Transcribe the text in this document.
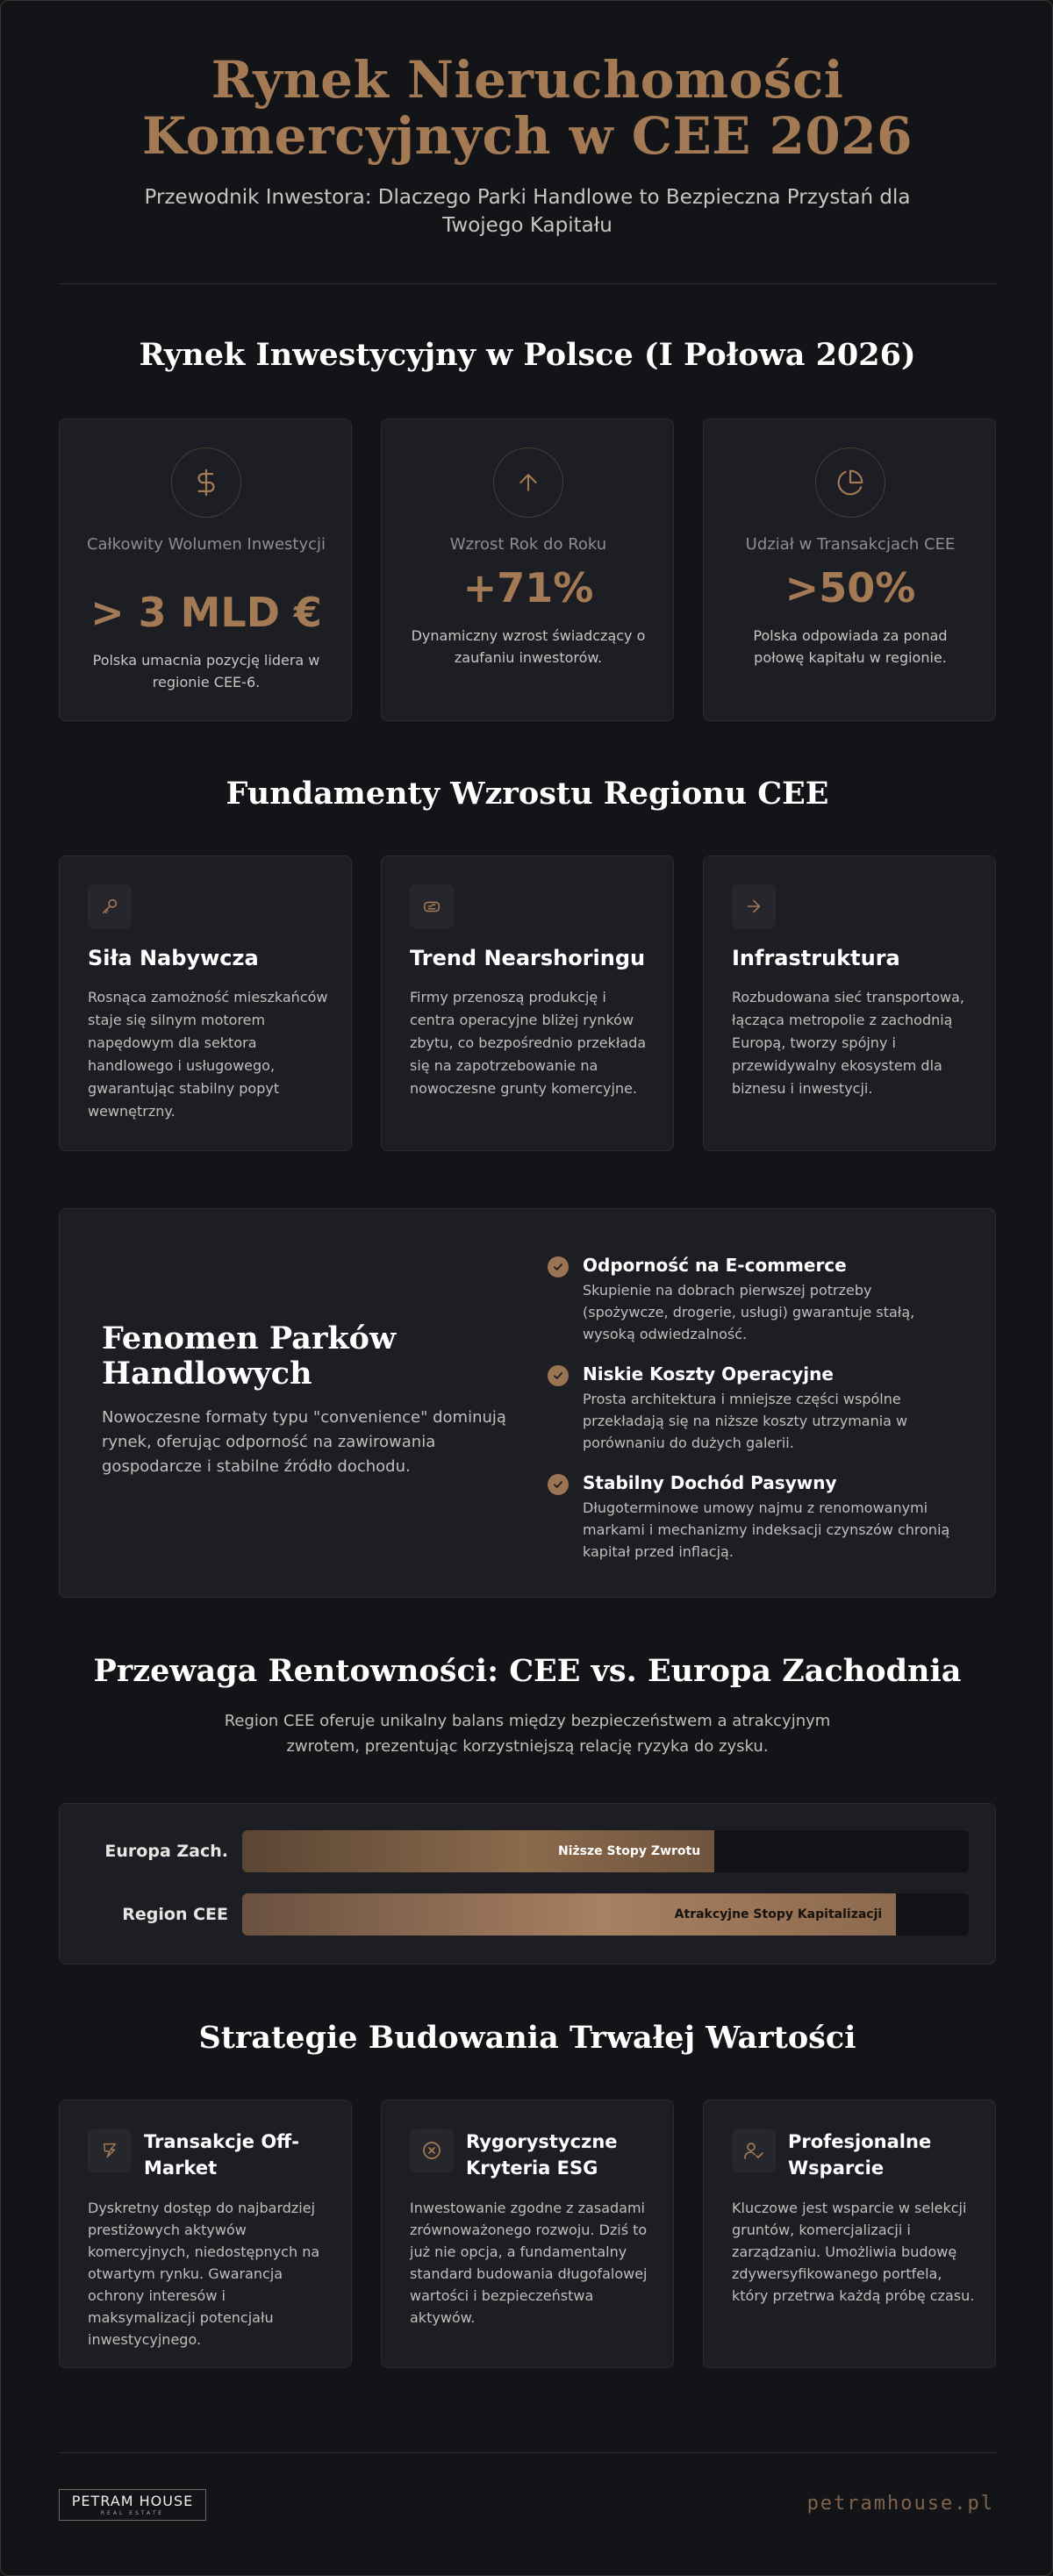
Rynek Nieruchomości
Komercyjnych w CEE 2026

Przewodnik Inwestora: Dlaczego Parki Handlowe to Bezpieczna Przystań dla Twojego Kapitału

Rynek Inwestycyjny w Polsce (I Połowa 2026)
Całkowity Wolumen Inwestycji
> 3 MLD €
Polska umacnia pozycję lidera w regionie CEE-6.
Wzrost Rok do Roku
+71%
Dynamiczny wzrost świadczący o zaufaniu inwestorów.
Udział w Transakcjach CEE
>50%
Polska odpowiada za ponad połowę kapitału w regionie.
Fundamenty Wzrostu Regionu CEE
Siła Nabywcza
Rosnąca zamożność mieszkańców staje się silnym motorem napędowym dla sektora handlowego i usługowego, gwarantując stabilny popyt wewnętrzny.
Trend Nearshoringu
Firmy przenoszą produkcję i centra operacyjne bliżej rynków zbytu, co bezpośrednio przekłada się na zapotrzebowanie na nowoczesne grunty komercyjne.
Infrastruktura
Rozbudowana sieć transportowa, łącząca metropolie z zachodnią Europą, tworzy spójny i przewidywalny ekosystem dla biznesu i inwestycji.
Fenomen Parków Handlowych
Nowoczesne formaty typu "convenience" dominują rynek, oferując odporność na zawirowania gospodarcze i stabilne źródło dochodu.
Odporność na E-commerce
Skupienie na dobrach pierwszej potrzeby (spożywcze, drogerie, usługi) gwarantuje stałą, wysoką odwiedzalność.
Niskie Koszty Operacyjne
Prosta architektura i mniejsze części wspólne przekładają się na niższe koszty utrzymania w porównaniu do dużych galerii.
Stabilny Dochód Pasywny
Długoterminowe umowy najmu z renomowanymi markami i mechanizmy indeksacji czynszów chronią kapitał przed inflacją.
Przewaga Rentowności: CEE vs. Europa Zachodnia

Region CEE oferuje unikalny balans między bezpieczeństwem a atrakcyjnym zwrotem, prezentując korzystniejszą relację ryzyka do zysku.

Europa Zach.	Niższe Stopy Zwrotu
Region CEE	Atrakcyjne Stopy Kapitalizacji
Strategie Budowania Trwałej Wartości
Transakcje Off-Market
Dyskretny dostęp do najbardziej prestiżowych aktywów komercyjnych, niedostępnych na otwartym rynku. Gwarancja ochrony interesów i maksymalizacji potencjału inwestycyjnego.
Rygorystyczne Kryteria ESG
Inwestowanie zgodne z zasadami zrównoważonego rozwoju. Dziś to już nie opcja, a fundamentalny standard budowania długofalowej wartości i bezpieczeństwa aktywów.
Profesjonalne Wsparcie
Kluczowe jest wsparcie w selekcji gruntów, komercjalizacji i zarządzaniu. Umożliwia budowę zdywersyfikowanego portfela, który przetrwa każdą próbę czasu.
PETRAM HOUSE
REAL ESTATE	petramhouse.pl
